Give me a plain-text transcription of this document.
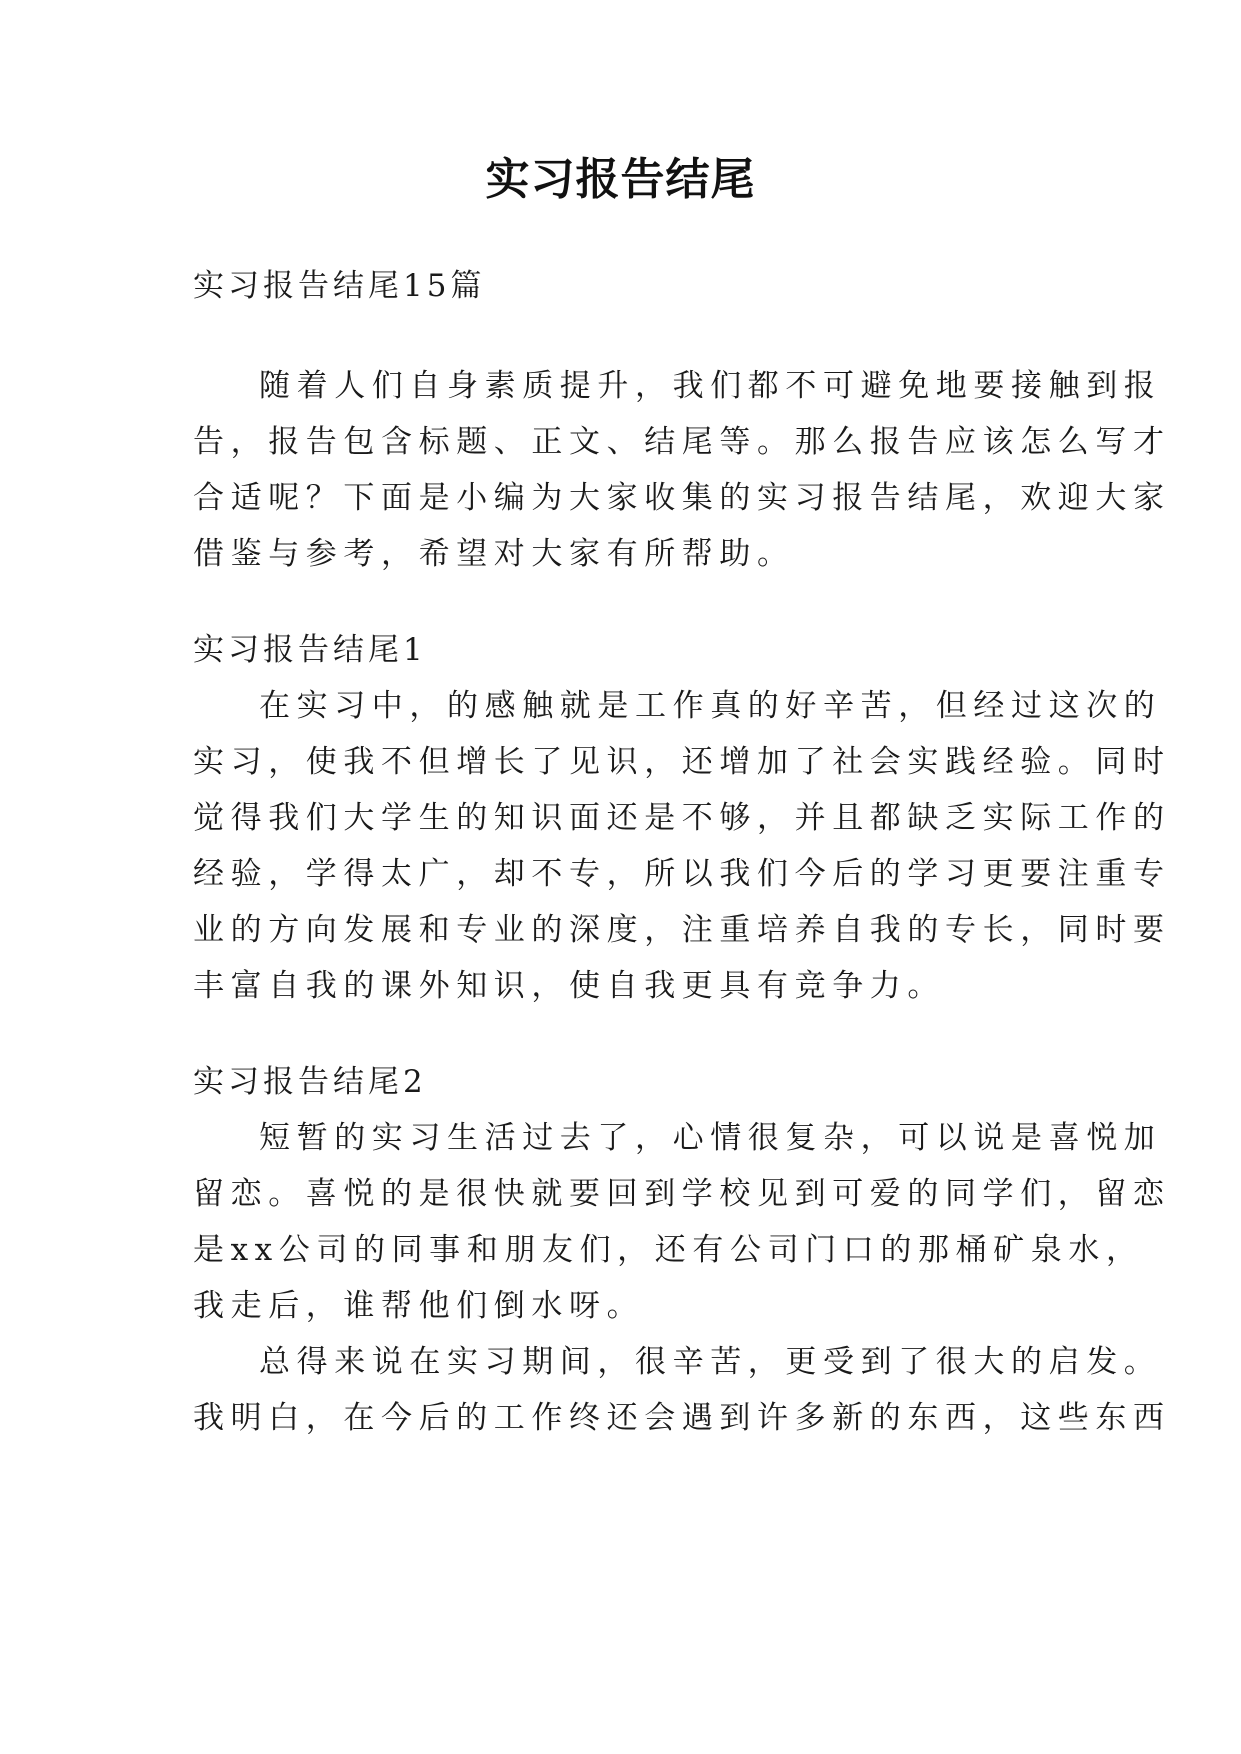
实习报告结尾
实习报告结尾15篇
随着人们自身素质提升，我们都不可避免地要接触到报
告，报告包含标题、正文、结尾等。那么报告应该怎么写才
合适呢？下面是小编为大家收集的实习报告结尾，欢迎大家
借鉴与参考，希望对大家有所帮助。
实习报告结尾1
在实习中，的感触就是工作真的好辛苦，但经过这次的
实习，使我不但增长了见识，还增加了社会实践经验。同时
觉得我们大学生的知识面还是不够，并且都缺乏实际工作的
经验，学得太广，却不专，所以我们今后的学习更要注重专
业的方向发展和专业的深度，注重培养自我的专长，同时要
丰富自我的课外知识，使自我更具有竞争力。
实习报告结尾2
短暂的实习生活过去了，心情很复杂，可以说是喜悦加
留恋。喜悦的是很快就要回到学校见到可爱的同学们，留恋
是xx公司的同事和朋友们，还有公司门口的那桶矿泉水，
我走后，谁帮他们倒水呀。
总得来说在实习期间，很辛苦，更受到了很大的启发。
我明白，在今后的工作终还会遇到许多新的东西，这些东西
